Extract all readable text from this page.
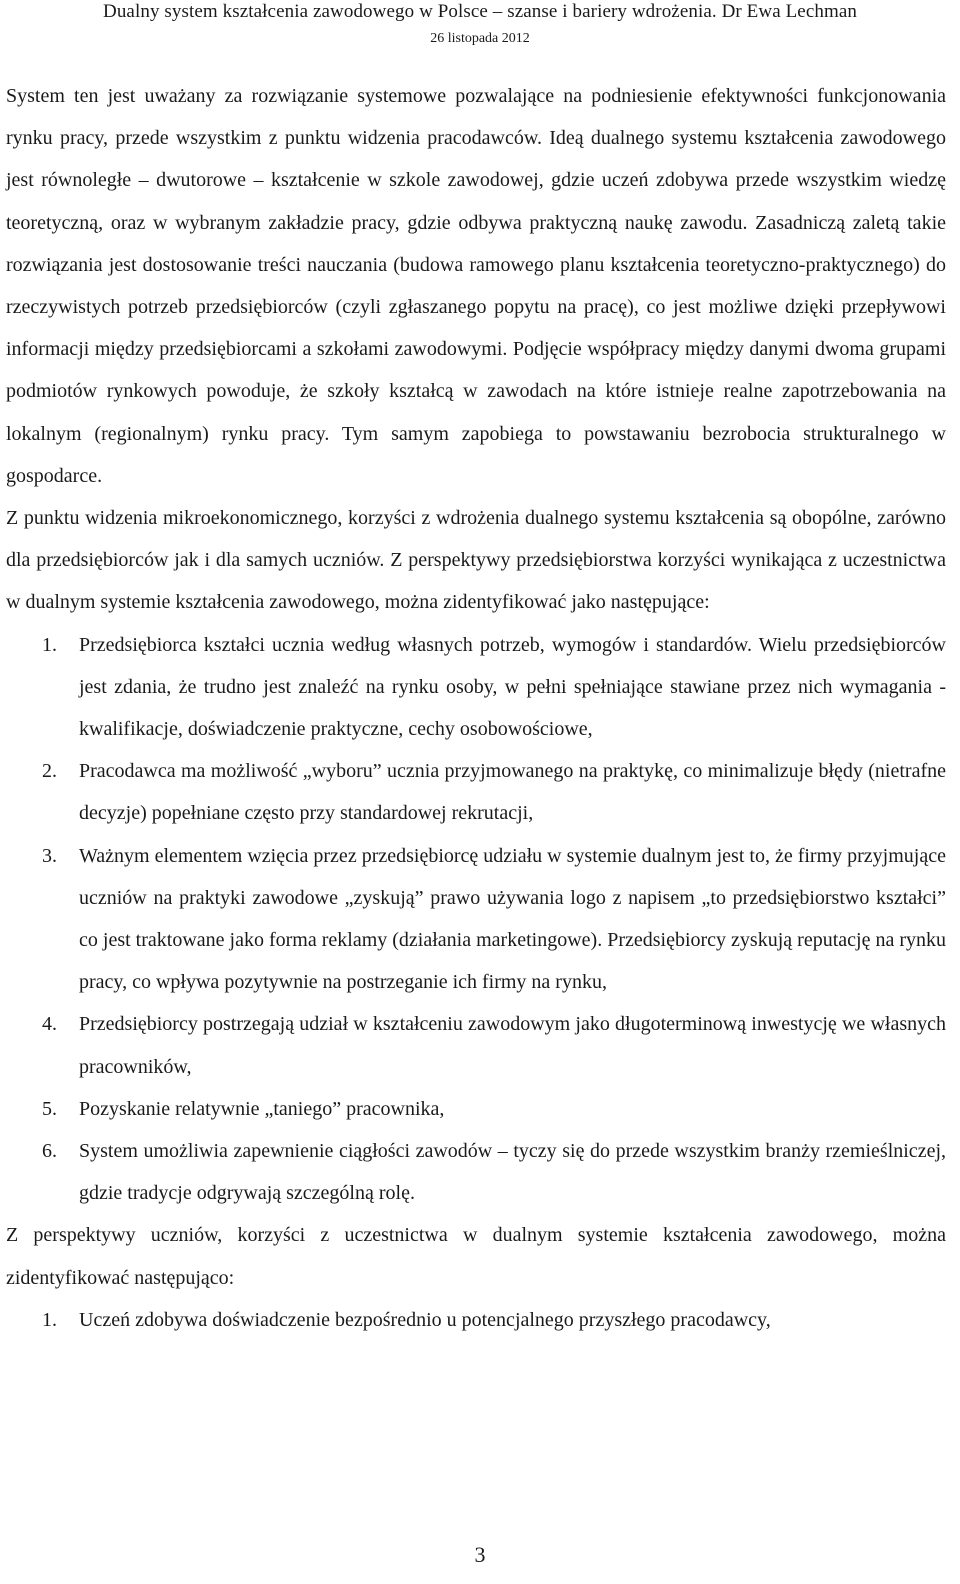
Dualny system kształcenia zawodowego w Polsce – szanse i bariery wdrożenia. Dr Ewa Lechman
26 listopada 2012

System ten jest uważany za rozwiązanie systemowe pozwalające na podniesienie efektywności funkcjonowania rynku pracy, przede wszystkim z punktu widzenia pracodawców. Ideą dualnego systemu kształcenia zawodowego jest równoległe – dwutorowe – kształcenie w szkole zawodowej, gdzie uczeń zdobywa przede wszystkim wiedzę teoretyczną, oraz w wybranym zakładzie pracy, gdzie odbywa praktyczną naukę zawodu. Zasadniczą zaletą takie rozwiązania jest dostosowanie treści nauczania (budowa ramowego planu kształcenia teoretyczno-praktycznego) do rzeczywistych potrzeb przedsiębiorców (czyli zgłaszanego popytu na pracę), co jest możliwe dzięki przepływowi informacji między przedsiębiorcami a szkołami zawodowymi. Podjęcie współpracy między danymi dwoma grupami podmiotów rynkowych powoduje, że szkoły kształcą w zawodach na które istnieje realne zapotrzebowania na lokalnym (regionalnym) rynku pracy. Tym samym zapobiega to powstawaniu bezrobocia strukturalnego w gospodarce.

Z punktu widzenia mikroekonomicznego, korzyści z wdrożenia dualnego systemu kształcenia są obopólne, zarówno dla przedsiębiorców jak i dla samych uczniów. Z perspektywy przedsiębiorstwa korzyści wynikająca z uczestnictwa w dualnym systemie kształcenia zawodowego, można zidentyfikować jako następujące:

1. Przedsiębiorca kształci ucznia według własnych potrzeb, wymogów i standardów. Wielu przedsiębiorców jest zdania, że trudno jest znaleźć na rynku osoby, w pełni spełniające stawiane przez nich wymagania - kwalifikacje, doświadczenie praktyczne, cechy osobowościowe,
2. Pracodawca ma możliwość „wyboru” ucznia przyjmowanego na praktykę, co minimalizuje błędy (nietrafne decyzje) popełniane często przy standardowej rekrutacji,
3. Ważnym elementem wzięcia przez przedsiębiorcę udziału w systemie dualnym jest to, że firmy przyjmujące uczniów na praktyki zawodowe „zyskują” prawo używania logo z napisem „to przedsiębiorstwo kształci” co jest traktowane jako forma reklamy (działania marketingowe). Przedsiębiorcy zyskują reputację na rynku pracy, co wpływa pozytywnie na postrzeganie ich firmy na rynku,
4. Przedsiębiorcy postrzegają udział w kształceniu zawodowym jako długoterminową inwestycję we własnych pracowników,
5. Pozyskanie relatywnie „taniego” pracownika,
6. System umożliwia zapewnienie ciągłości zawodów – tyczy się do przede wszystkim branży rzemieślniczej, gdzie tradycje odgrywają szczególną rolę.

Z perspektywy uczniów, korzyści z uczestnictwa w dualnym systemie kształcenia zawodowego, można zidentyfikować następująco:

1. Uczeń zdobywa doświadczenie bezpośrednio u potencjalnego przyszłego pracodawcy,
3
